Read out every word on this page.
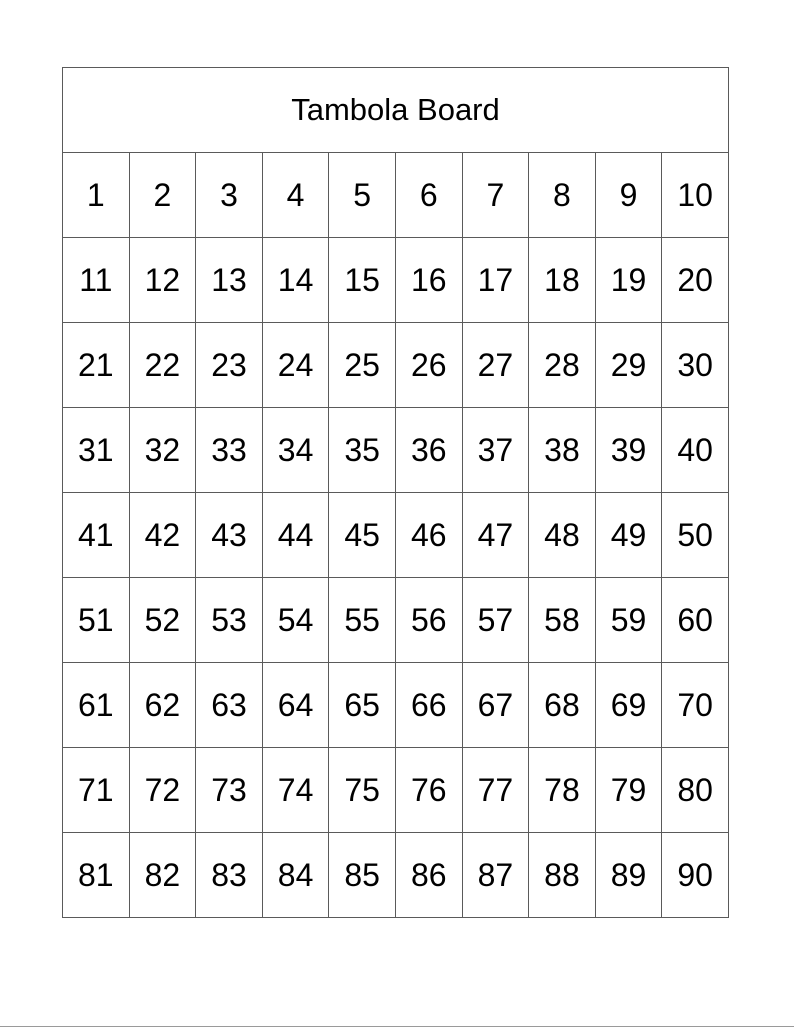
Tambola Board									
1	2	3	4	5	6	7	8	9	10
11	12	13	14	15	16	17	18	19	20
21	22	23	24	25	26	27	28	29	30
31	32	33	34	35	36	37	38	39	40
41	42	43	44	45	46	47	48	49	50
51	52	53	54	55	56	57	58	59	60
61	62	63	64	65	66	67	68	69	70
71	72	73	74	75	76	77	78	79	80
81	82	83	84	85	86	87	88	89	90
